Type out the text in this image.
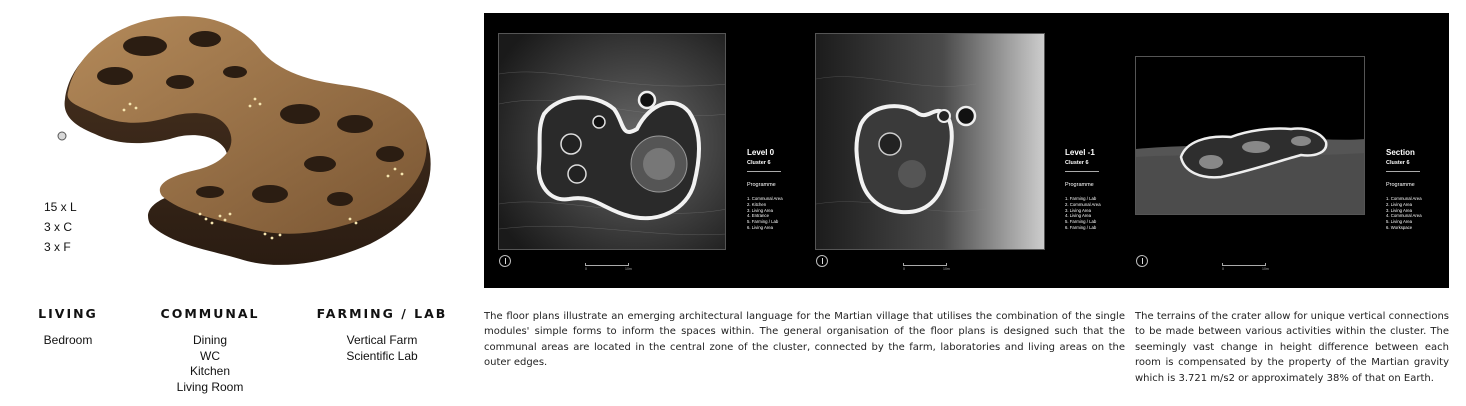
15 x L
3 x C
3 x F
LIVING
Bedroom
COMMUNAL
Dining
WC
Kitchen
Living Room
FARMING / LAB
Vertical Farm
Scientific Lab
Level 0
Cluster 6
Programme
1. Communal Area
2. Kitchen
3. Living Area
4. Entrance
5. Farming / Lab
6. Living Area
0	10m
Level -1
Cluster 6
Programme
1. Farming / Lab
2. Communal Area
3. Living Area
4. Living Area
5. Farming / Lab
6. Farming / Lab
0	10m
Section
Cluster 6
Programme
1. Communal Area
2. Living Area
3. Living Area
4. Communal Area
5. Living Area
6. Workspace
0	10m

The floor plans illustrate an emerging architectural language for the Martian village that utilises the combination of the single modules' simple forms to inform the spaces within. The general organisation of the floor plans is designed such that the communal areas are located in the central zone of the cluster, connected by the farm, laboratories and living areas on the outer edges.

The terrains of the crater allow for unique vertical connections to be made between various activities within the cluster. The seemingly vast change in height difference between each room is compensated by the property of the Martian gravity which is 3.721 m/s2 or approximately 38% of that on Earth.
